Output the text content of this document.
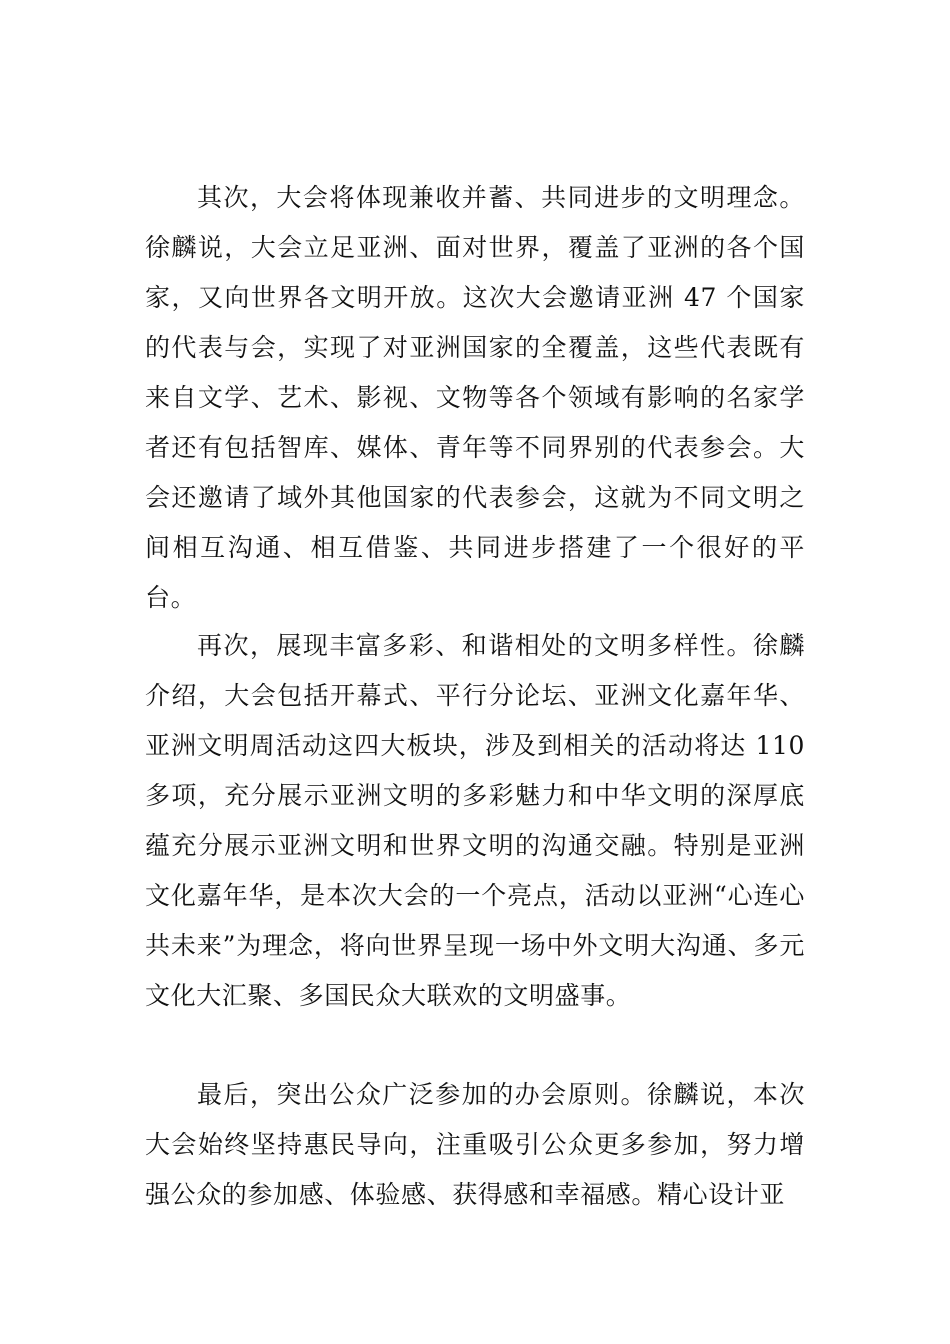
其次，大会将体现兼收并蓄、共同进步的文明理念。徐麟说，大会立足亚洲、面对世界，覆盖了亚洲的各个国家，又向世界各文明开放。这次大会邀请亚洲 47 个国家的代表与会，实现了对亚洲国家的全覆盖，这些代表既有来自文学、艺术、影视、文物等各个领域有影响的名家学者还有包括智库、媒体、青年等不同界别的代表参会。大会还邀请了域外其他国家的代表参会，这就为不同文明之间相互沟通、相互借鉴、共同进步搭建了一个很好的平台。

再次，展现丰富多彩、和谐相处的文明多样性。徐麟介绍，大会包括开幕式、平行分论坛、亚洲文化嘉年华、亚洲文明周活动这四大板块，涉及到相关的活动将达 110 多项，充分展示亚洲文明的多彩魅力和中华文明的深厚底蕴充分展示亚洲文明和世界文明的沟通交融。特别是亚洲文化嘉年华，是本次大会的一个亮点，活动以亚洲“心连心共未来”为理念，将向世界呈现一场中外文明大沟通、多元文化大汇聚、多国民众大联欢的文明盛事。

最后，突出公众广泛参加的办会原则。徐麟说，本次大会始终坚持惠民导向，注重吸引公众更多参加，努力增强公众的参加感、体验感、获得感和幸福感。精心设计亚
